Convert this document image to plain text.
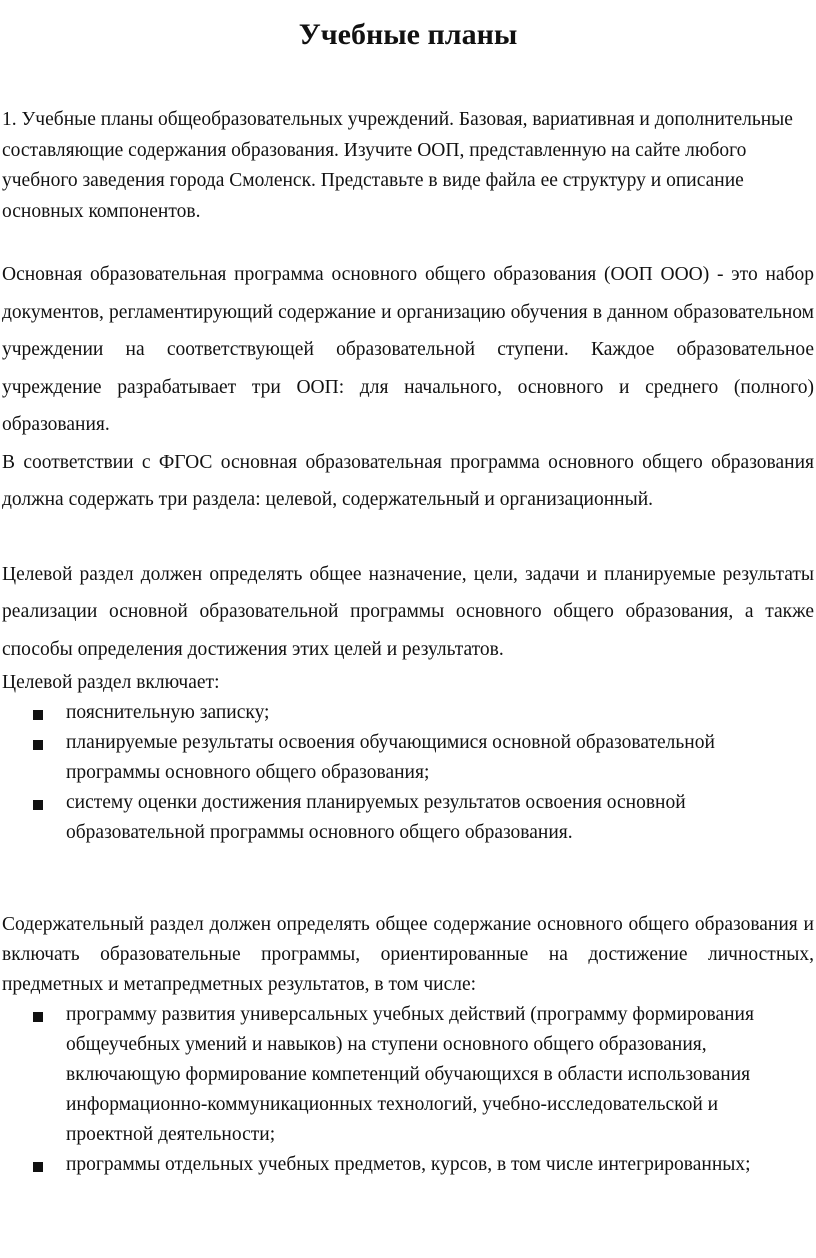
Учебные планы

1. Учебные планы общеобразовательных учреждений. Базовая, вариативная и дополнительные составляющие содержания образования. Изучите ООП, представленную на сайте любого учебного заведения города Смоленск. Представьте в виде файла ее структуру и описание основных компонентов.

Основная образовательная программа основного общего образования (ООП ООО) - это набор документов, регламентирующий содержание и организацию обучения в данном образовательном учреждении на соответствующей образовательной ступени. Каждое образовательное учреждение разрабатывает три ООП: для начального, основного и среднего (полного) образования.

В соответствии с ФГОС основная образовательная программа основного общего образования должна содержать три раздела: целевой, содержательный и организационный.

Целевой раздел должен определять общее назначение, цели, задачи и планируемые результаты реализации основной образовательной программы основного общего образования, а также способы определения достижения этих целей и результатов.
Целевой раздел включает:

пояснительную записку;
планируемые результаты освоения обучающимися основной образовательной программы основного общего образования;
систему оценки достижения планируемых результатов освоения основной образовательной программы основного общего образования.

Содержательный раздел должен определять общее содержание основного общего образования и включать образовательные программы, ориентированные на достижение личностных, предметных и метапредметных результатов, в том числе:

программу развития универсальных учебных действий (программу формирования общеучебных умений и навыков) на ступени основного общего образования, включающую формирование компетенций обучающихся в области использования информационно-коммуникационных технологий, учебно-исследовательской и проектной деятельности;
программы отдельных учебных предметов, курсов, в том числе интегрированных;
